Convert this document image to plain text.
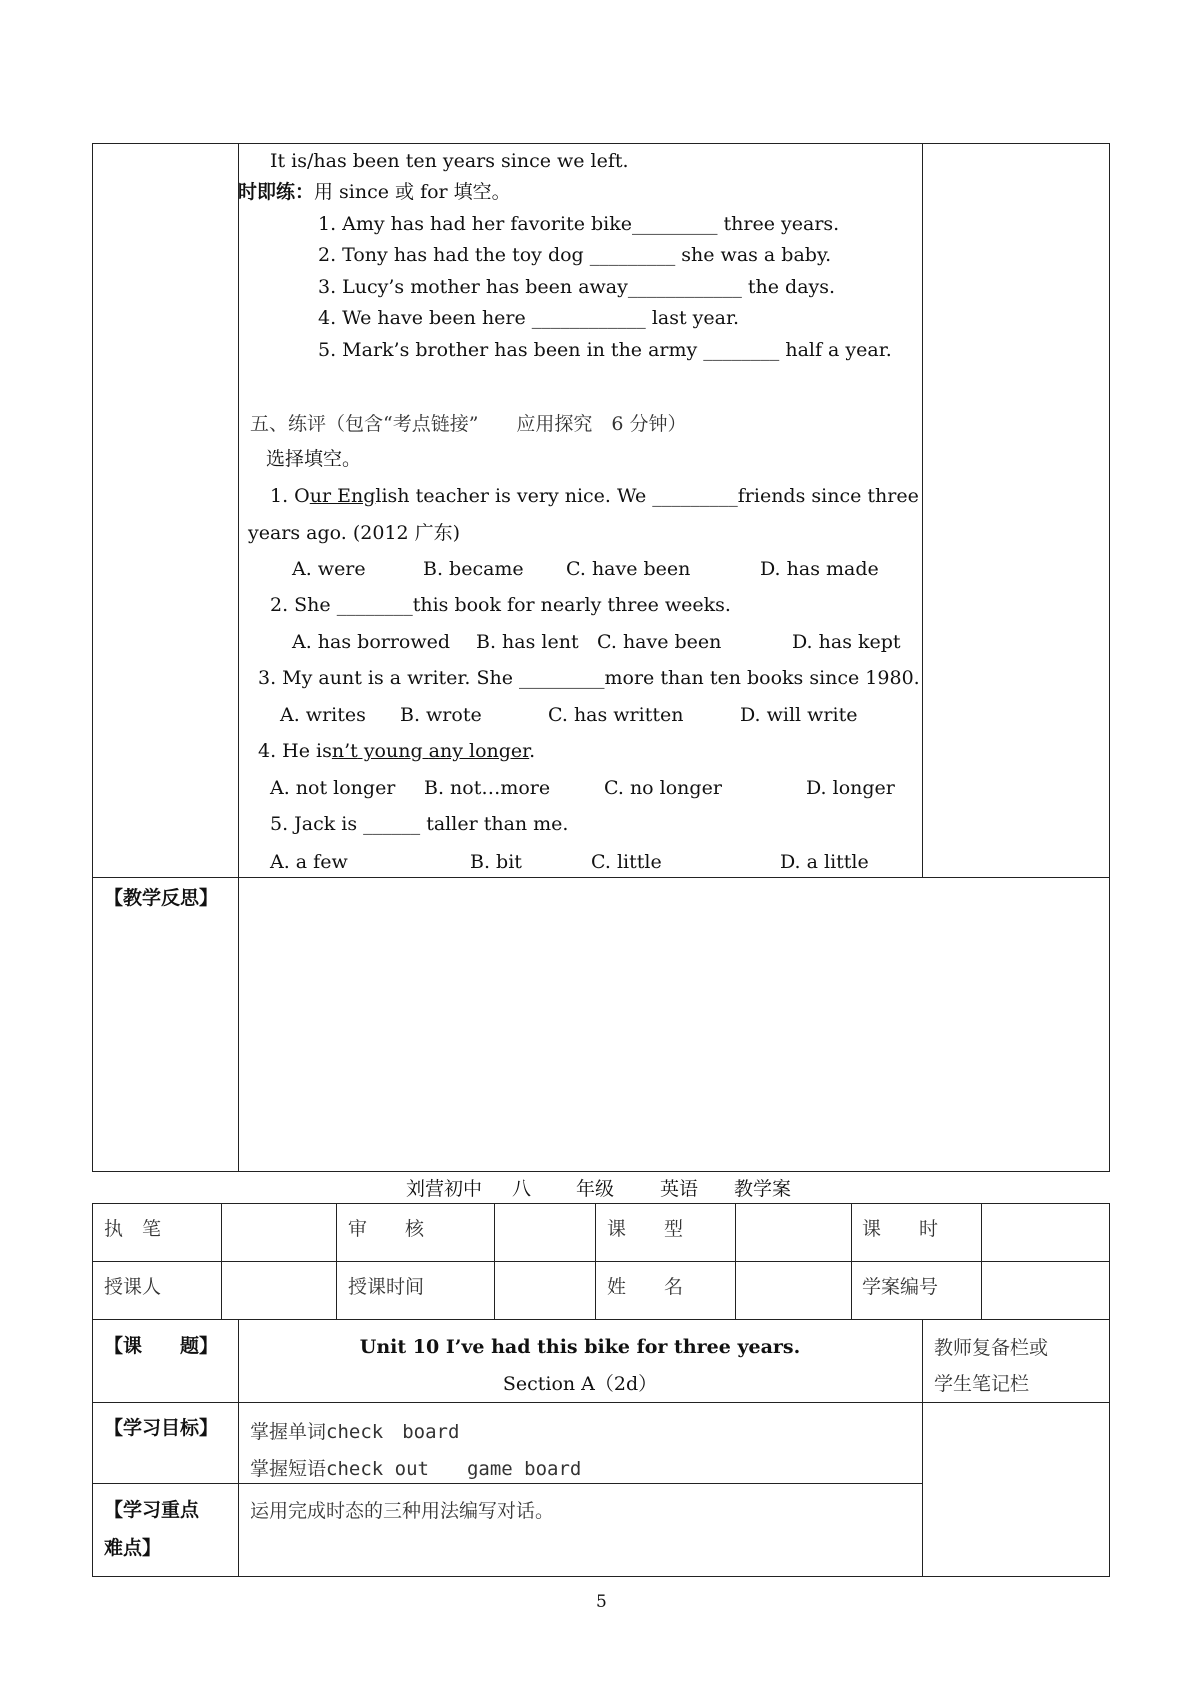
It is/has been ten years since we left.
时即练：用 since 或 for 填空。
1. Amy has had her favorite bike_________ three years.
2. Tony has had the toy dog _________ she was a baby.
3. Lucy’s mother has been away____________ the days.
4. We have been here ____________ last year.
5. Mark’s brother has been in the army ________ half a year.
五、练评（包含“考点链接”　　应用探究　6 分钟）
选择填空。
1. Our English teacher is very nice. We _________friends since three
years ago. (2012 广东)
A. were	B. became C. have been	D. has made
2. She ________this book for nearly three weeks.
A. has borrowed B. has lent C. have been	D. has kept
3. My aunt is a writer. She _________more than ten books since 1980.
A. writes B. wrote	C. has written	D. will write
4. He isn’t young any longer.
A. not longer B. not…more	C. no longer	D. longer
5. Jack is ______ taller than me.
A. a few	B. bit	C. little	D. a little
【教学反思】
刘营初中 八 年级 英语 教学案
执　笔	审　　核	课　　型	课　　时
授课人	授课时间	姓　　名	学案编号
【课　　题】	Unit 10 I’ve had this bike for three years.
Section A（2d）
教师复备栏或
学生笔记栏
【学习目标】 掌握单词check　board
掌握短语check out　　game board
【学习重点
难点】
运用完成时态的三种用法编写对话。
5
